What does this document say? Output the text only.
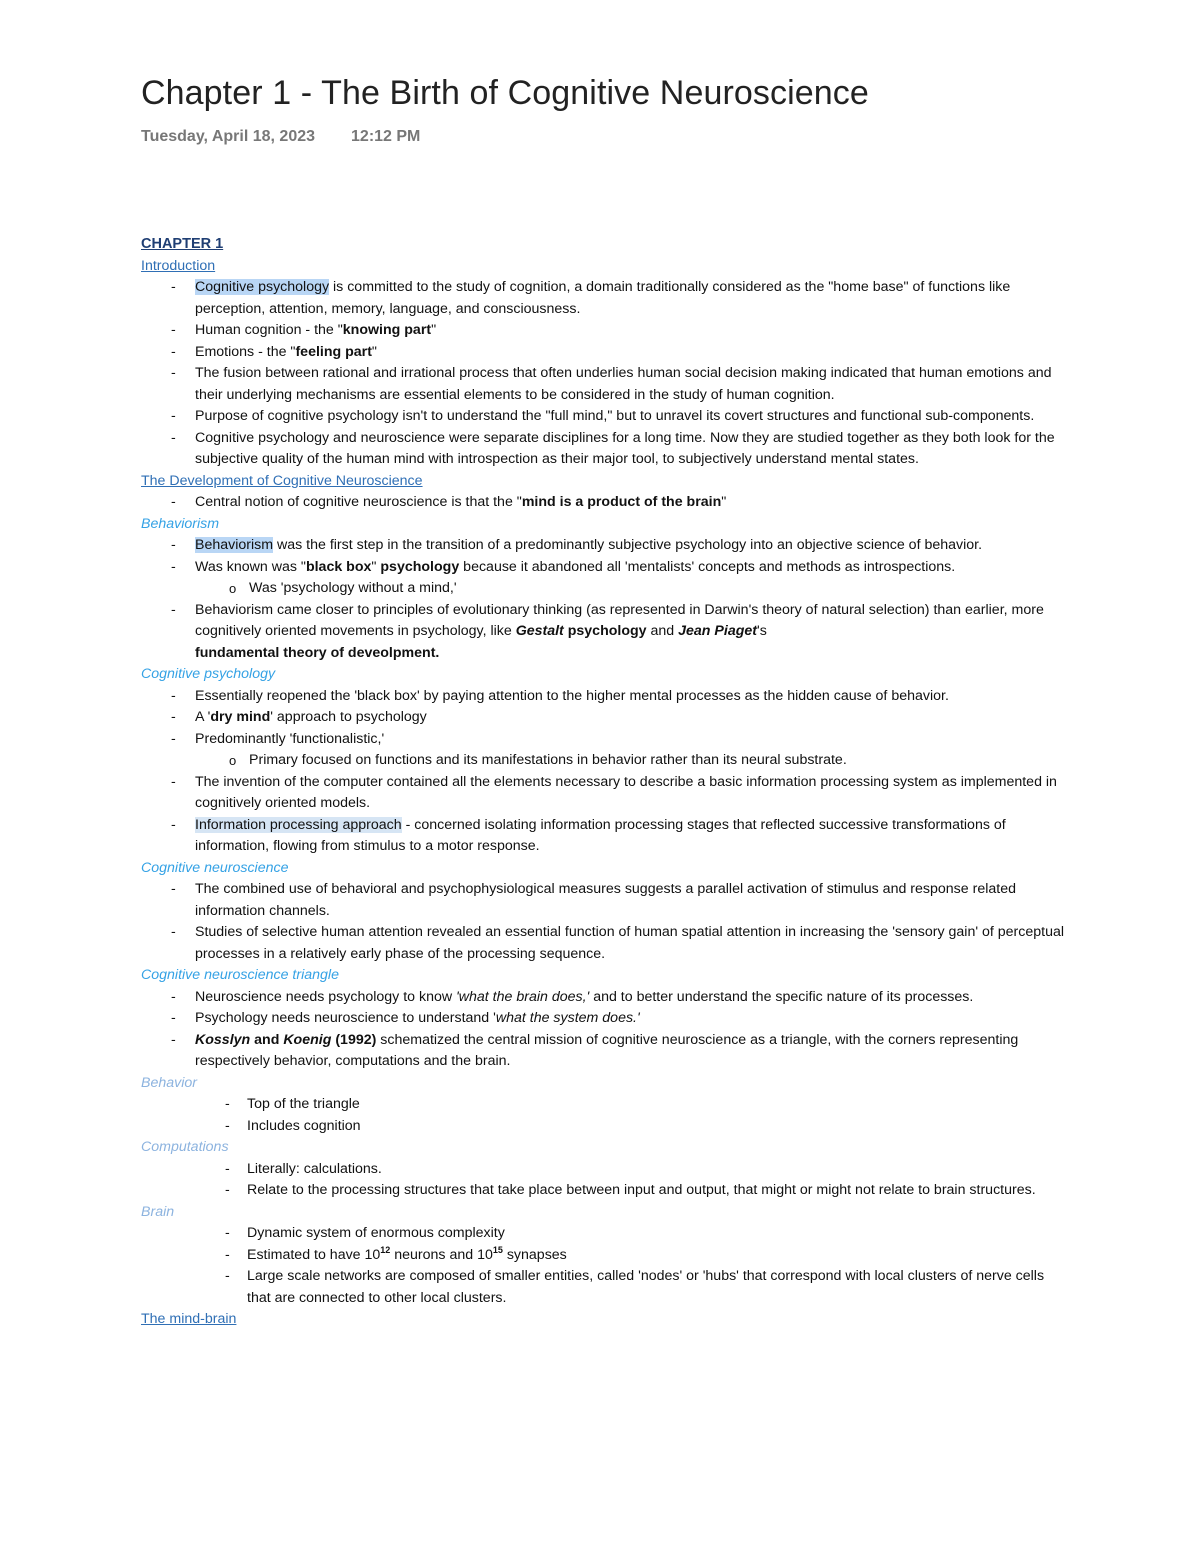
Chapter 1 - The Birth of Cognitive Neuroscience
Tuesday, April 18, 2023 12:12 PM

CHAPTER 1

Introduction

- Cognitive psychology is committed to the study of cognition, a domain traditionally considered as the "home base" of functions like perception, attention, memory, language, and consciousness.
- Human cognition - the "knowing part"
- Emotions - the "feeling part"
- The fusion between rational and irrational process that often underlies human social decision making indicated that human emotions and their underlying mechanisms are essential elements to be considered in the study of human cognition.
- Purpose of cognitive psychology isn't to understand the "full mind," but to unravel its covert structures and functional sub-components.
- Cognitive psychology and neuroscience were separate disciplines for a long time. Now they are studied together as they both look for the subjective quality of the human mind with introspection as their major tool, to subjectively understand mental states.

The Development of Cognitive Neuroscience

- Central notion of cognitive neuroscience is that the "mind is a product of the brain"

Behaviorism

- Behaviorism was the first step in the transition of a predominantly subjective psychology into an objective science of behavior.
- Was known was "black box" psychology because it abandoned all 'mentalists' concepts and methods as introspections.
o Was 'psychology without a mind,'
- Behaviorism came closer to principles of evolutionary thinking (as represented in Darwin's theory of natural selection) than earlier, more cognitively oriented movements in psychology, like Gestalt psychology and Jean Piaget's
fundamental theory of deveolpment.

Cognitive psychology

- Essentially reopened the 'black box' by paying attention to the higher mental processes as the hidden cause of behavior.
- A 'dry mind' approach to psychology
- Predominantly 'functionalistic,'
o Primary focused on functions and its manifestations in behavior rather than its neural substrate.
- The invention of the computer contained all the elements necessary to describe a basic information processing system as implemented in cognitively oriented models.
- Information processing approach - concerned isolating information processing stages that reflected successive transformations of information, flowing from stimulus to a motor response.

Cognitive neuroscience

- The combined use of behavioral and psychophysiological measures suggests a parallel activation of stimulus and response related information channels.
- Studies of selective human attention revealed an essential function of human spatial attention in increasing the 'sensory gain' of perceptual processes in a relatively early phase of the processing sequence.

Cognitive neuroscience triangle

- Neuroscience needs psychology to know 'what the brain does,' and to better understand the specific nature of its processes.
- Psychology needs neuroscience to understand 'what the system does.'
- Kosslyn and Koenig (1992) schematized the central mission of cognitive neuroscience as a triangle, with the corners representing respectively behavior, computations and the brain.

Behavior

- Top of the triangle
- Includes cognition

Computations

- Literally: calculations.
- Relate to the processing structures that take place between input and output, that might or might not relate to brain structures.

Brain

- Dynamic system of enormous complexity
- Estimated to have $10^{12}$ neurons and $10^{15}$ synapses
- Large scale networks are composed of smaller entities, called 'nodes' or 'hubs' that correspond with local clusters of nerve cells that are connected to other local clusters.

The mind-brain
